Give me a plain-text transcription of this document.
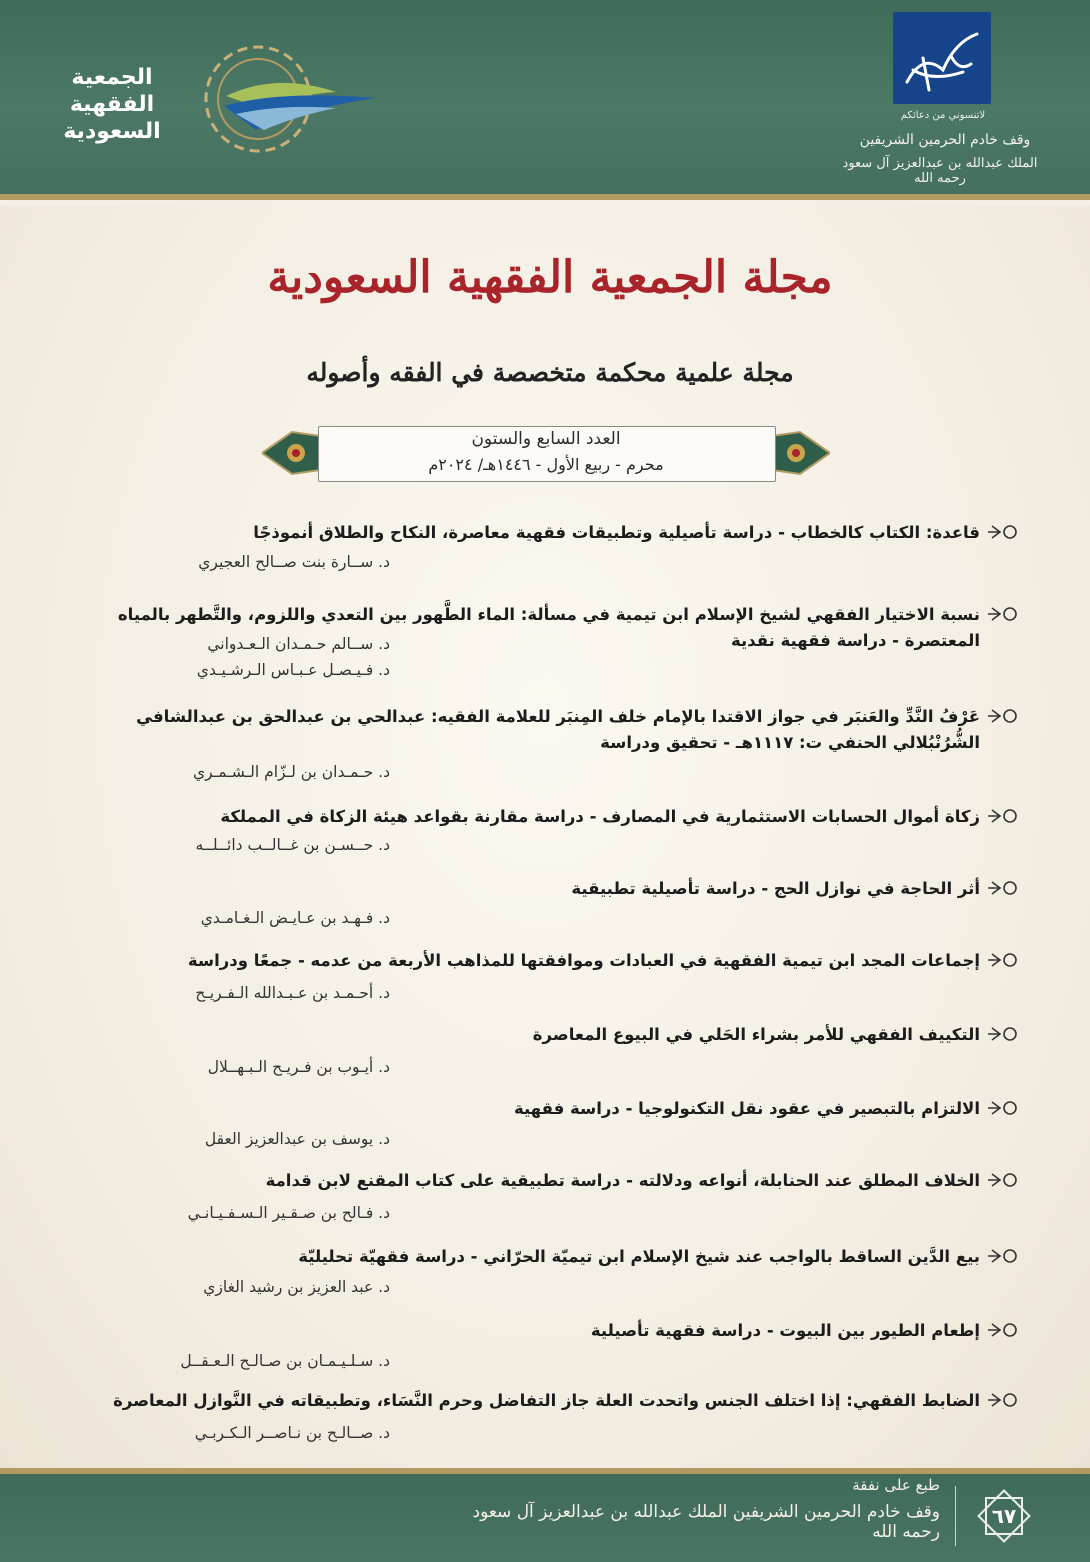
الجمعية
الفقهية
السعودية
لاتنسوني من دعائكم
وقف خادم الحرمين الشريفين
الملك عبدالله بن عبدالعزيز آل سعود رحمه الله
مجلة الجمعية الفقهية السعودية
مجلة علمية محكمة متخصصة في الفقه وأصوله
العدد السابع والستون
محرم - ربيع الأول - ١٤٤٦هـ/ ٢٠٢٤م
قاعدة: الكتاب كالخطاب - دراسة تأصيلية وتطبيقات فقهية معاصرة، النكاح والطلاق أنموذجًا
د. ســارة بنت صــالح العجيري
نسبة الاختيار الفقهي لشيخ الإسلام ابن تيمية في مسألة: الماء الطَّهور بين التعدي واللزوم، والتَّطهر بالمياه المعتصرة - دراسة فقهية نقدية
د. ســالم حـمـدان الـعـدواني
د. فـيـصـل عـبـاس الـرشـيـدي
عَرْفُ النَّدِّ والعَنبَر في جواز الاقتدا بالإمام خلف المِنبَر للعلامة الفقيه: عبدالحي بن عبدالحق بن عبدالشافي الشُّرُنْبُلالي الحنفي ت: ١١١٧هـ - تحقيق ودراسة
د. حـمـدان بن لـزّام الـشـمـري
زكاة أموال الحسابات الاستثمارية في المصارف - دراسة مقارنة بقواعد هيئة الزكاة في المملكة
د. حــسـن بن غــالــب دائــلــه
أثر الحاجة في نوازل الحج - دراسة تأصيلية تطبيقية
د. فـهـد بن عـايـض الـغـامـدي
إجماعات المجد ابن تيمية الفقهية في العبادات وموافقتها للمذاهب الأربعة من عدمه - جمعًا ودراسة
د. أحـمـد بن عـبـدالله الـفـريـح
التكييف الفقهي للأمر بشراء الحَلي في البيوع المعاصرة
د. أيـوب بن فـريـح الـبـهــلال
الالتزام بالتبصير في عقود نقل التكنولوجيا - دراسة فقهية
د. يوسف بن عبدالعزيز العقل
الخلاف المطلق عند الحنابلة، أنواعه ودلالته - دراسة تطبيقية على كتاب المقنع لابن قدامة
د. فـالح بن صـقـير الـسـفـيـانـي
بيع الدَّين الساقط بالواجب عند شيخ الإسلام ابن تيميّة الحرّاني - دراسة فقهيّة تحليليّة
د. عبد العزيز بن رشيد الغازي
إطعام الطيور بين البيوت - دراسة فقهية تأصيلية
د. سـلـيـمـان بن صـالـح الـعـقــل
الضابط الفقهي: إذا اختلف الجنس واتحدت العلة جاز التفاضل وحرم النَّسَاء، وتطبيقاته في النَّوازل المعاصرة
د. صــالـح بن نـاصــر الـكـربـي
طبع على نفقة
وقف خادم الحرمين الشريفين الملك عبدالله بن عبدالعزيز آل سعود رحمه الله
٦٧
